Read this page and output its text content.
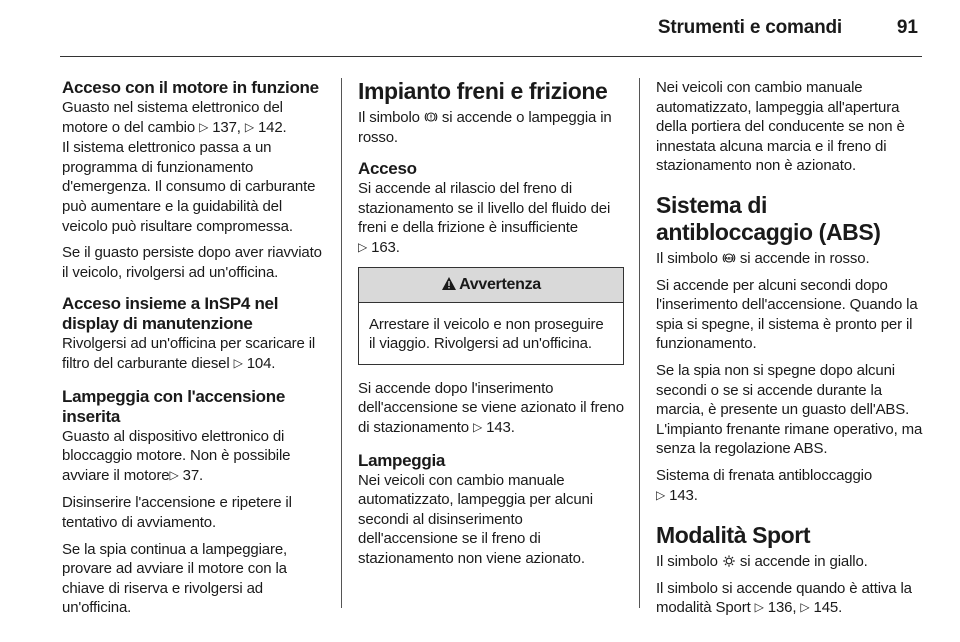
Strumenti e comandi	91
Acceso con il motore in funzione

Guasto nel sistema elettronico del motore o del cambio ▷ 137, ▷ 142.
Il sistema elettronico passa a un programma di funzionamento d'emergenza. Il consumo di carburante può aumentare e la guidabilità del veicolo può risultare compromessa.

Se il guasto persiste dopo aver riavviato il veicolo, rivolgersi ad un'officina.

Acceso insieme a InSP4 nel display di manutenzione

Rivolgersi ad un'officina per scaricare il filtro del carburante diesel ▷ 104.

Lampeggia con l'accensione inserita

Guasto al dispositivo elettronico di bloccaggio motore. Non è possibile avviare il motore▷ 37.

Disinserire l'accensione e ripetere il tentativo di avviamento.

Se la spia continua a lampeggiare, provare ad avviare il motore con la chiave di riserva e rivolgersi ad un'officina.

Impianto freni e frizione

Il simbolo  si accende o lampeggia in rosso.

Acceso

Si accende al rilascio del freno di stazionamento se il livello del fluido dei freni e della frizione è insufficiente
▷ 163.

Avvertenza

Arrestare il veicolo e non proseguire il viaggio. Rivolgersi ad un'officina.

Si accende dopo l'inserimento dell'accensione se viene azionato il freno di stazionamento ▷ 143.

Lampeggia

Nei veicoli con cambio manuale automatizzato, lampeggia per alcuni secondi al disinserimento dell'accensione se il freno di stazionamento non viene azionato.

Nei veicoli con cambio manuale automatizzato, lampeggia all'apertura della portiera del conducente se non è innestata alcuna marcia e il freno di stazionamento non è azionato.

Sistema di antibloccaggio (ABS)

Il simbolo ABS si accende in rosso.

Si accende per alcuni secondi dopo l'inserimento dell'accensione. Quando la spia si spegne, il sistema è pronto per il funzionamento.

Se la spia non si spegne dopo alcuni secondi o se si accende durante la marcia, è presente un guasto dell'ABS. L'impianto frenante rimane operativo, ma senza la regolazione ABS.

Sistema di frenata antibloccaggio
▷ 143.

Modalità Sport

Il simbolo  si accende in giallo.

Il simbolo si accende quando è attiva la modalità Sport ▷ 136, ▷ 145.
